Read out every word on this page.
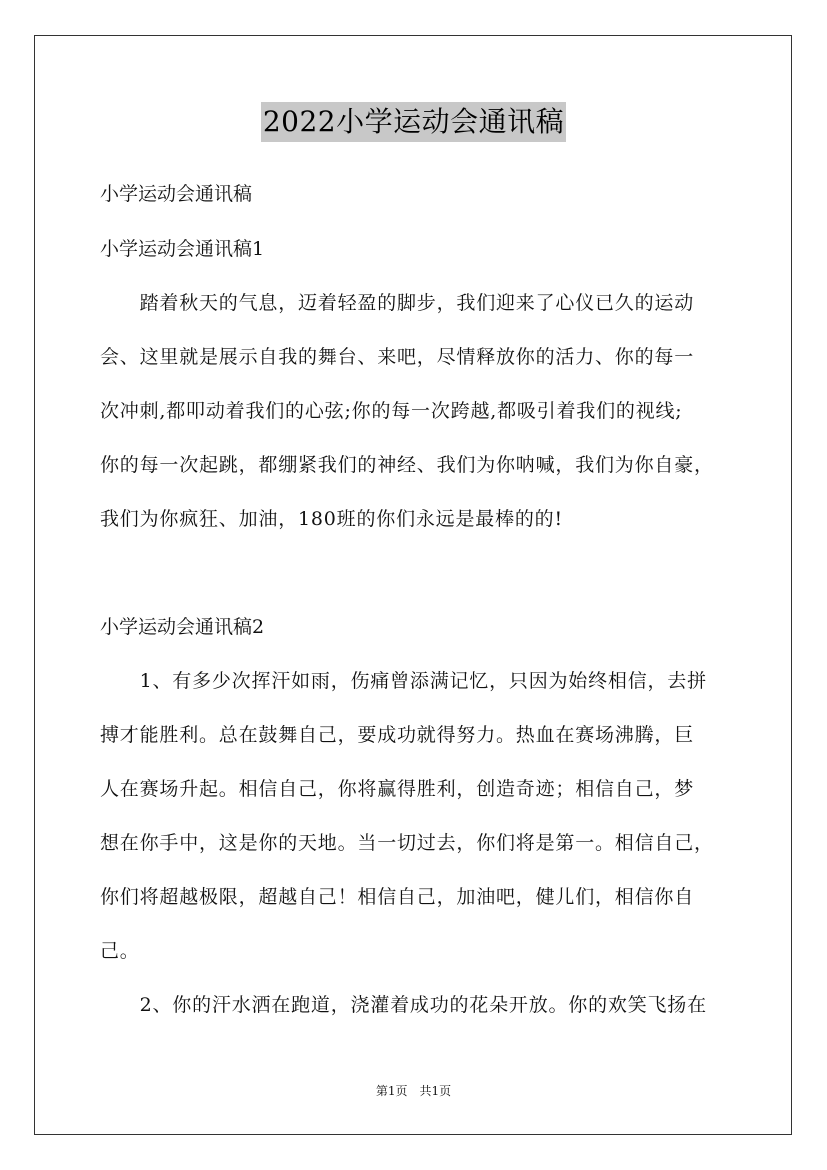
2022小学运动会通讯稿
小学运动会通讯稿
小学运动会通讯稿1
　　踏着秋天的气息，迈着轻盈的脚步，我们迎来了心仪已久的运动
会、这里就是展示自我的舞台、来吧，尽情释放你的活力、你的每一
次冲刺,都叩动着我们的心弦;你的每一次跨越,都吸引着我们的视线;
你的每一次起跳，都绷紧我们的神经、我们为你呐喊，我们为你自豪，
我们为你疯狂、加油，180班的你们永远是最棒的的!
小学运动会通讯稿2
　　1、有多少次挥汗如雨，伤痛曾添满记忆，只因为始终相信，去拼
搏才能胜利。总在鼓舞自己，要成功就得努力。热血在赛场沸腾，巨
人在赛场升起。相信自己，你将赢得胜利，创造奇迹；相信自己，梦
想在你手中，这是你的天地。当一切过去，你们将是第一。相信自己，
你们将超越极限，超越自己！相信自己，加油吧，健儿们，相信你自
己。
　　2、你的汗水洒在跑道，浇灌着成功的花朵开放。你的欢笑飞扬在
第1页　共1页
